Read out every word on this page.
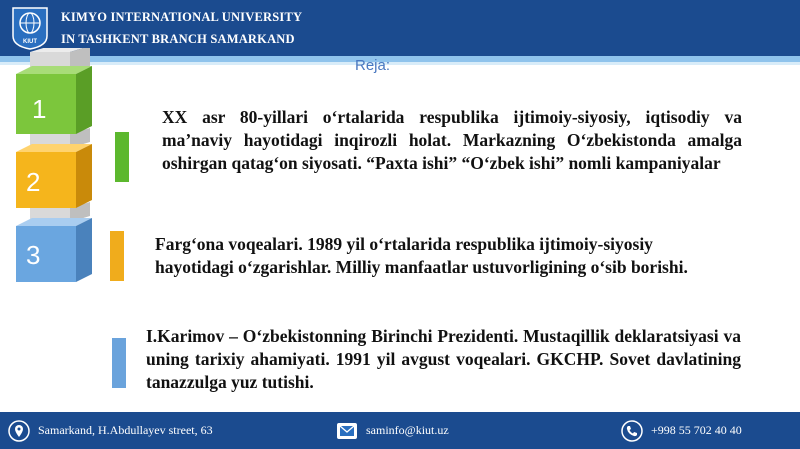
KIUT
KIMYO INTERNATIONAL UNIVERSITY
IN TASHKENT BRANCH SAMARKAND
Reja:
1
2
3
XX asr 80-yillari o‘rtalarida respublika ijtimoiy-siyosiy, iqtisodiy va ma’naviy hayotidagi inqirozli holat. Markazning O‘zbekistonda amalga oshirgan qatag‘on siyosati. “Paxta ishi” “O‘zbek ishi” nomli kampaniyalar
Farg‘ona voqealari. 1989 yil o‘rtalarida respublika ijtimoiy-siyosiy hayotidagi o‘zgarishlar. Milliy manfaatlar ustuvorligining o‘sib borishi.
I.Karimov – O‘zbekistonning Birinchi Prezidenti. Mustaqillik deklaratsiyasi va uning tarixiy ahamiyati. 1991 yil avgust voqealari. GKCHP. Sovet davlatining tanazzulga yuz tutishi.
Samarkand, H.Abdullayev street, 63	saminfo@kiut.uz	+998 55 702 40 40
